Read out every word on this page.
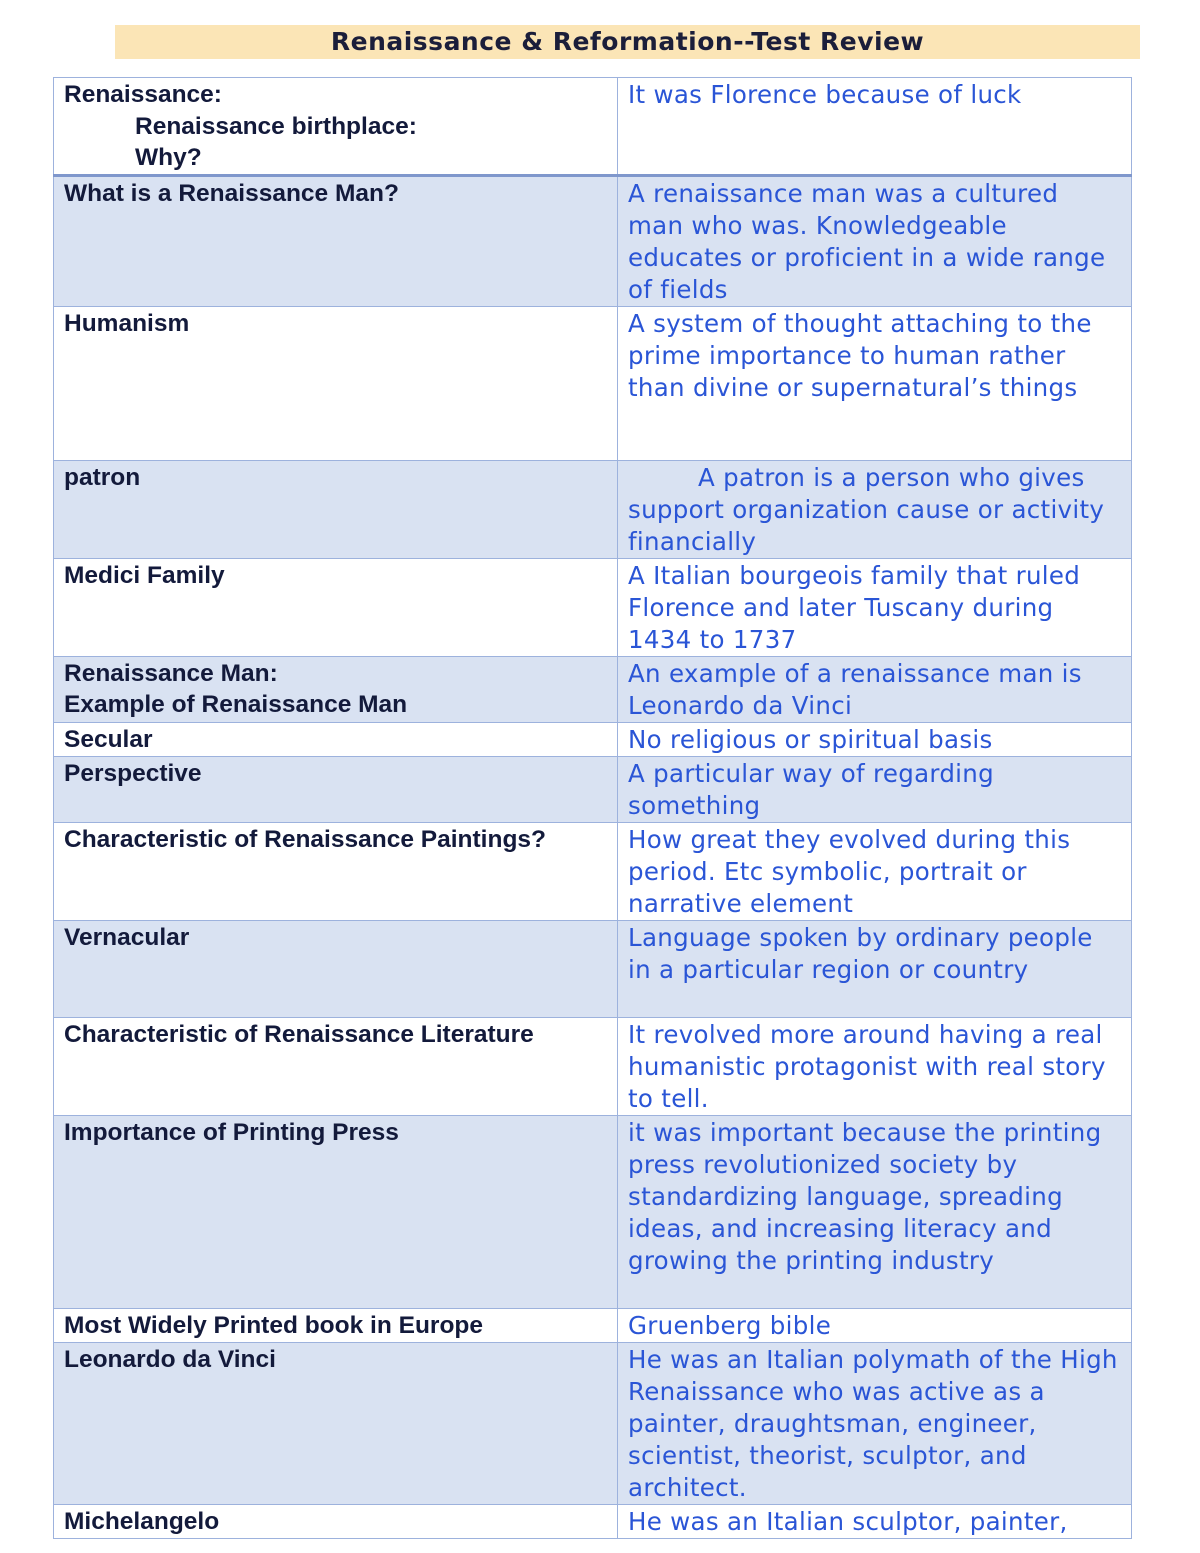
Renaissance & Reformation--Test Review
Renaissance:
Renaissance birthplace:
Why?	It was Florence because of luck
What is a Renaissance Man?	A renaissance man was a cultured man who was. Knowledgeable educates or proficient in a wide range of fields
Humanism	A system of thought attaching to the prime importance to human rather than divine or supernatural’s things
patron	A patron is a person who gives support organization cause or activity financially
Medici Family	A Italian bourgeois family that ruled Florence and later Tuscany during 1434 to 1737

Renaissance Man:
Example of Renaissance Man	An example of a renaissance man is Leonardo da Vinci
Secular	No religious or spiritual basis
Perspective	A particular way of regarding something
Characteristic of Renaissance Paintings?	How great they evolved during this period. Etc symbolic, portrait or narrative element
Vernacular	Language spoken by ordinary people in a particular region or country
Characteristic of Renaissance Literature	It revolved more around having a real humanistic protagonist with real story to tell.
Importance of Printing Press	it was important because the printing press revolutionized society by standardizing language, spreading ideas, and increasing literacy and growing the printing industry
Most Widely Printed book in Europe	Gruenberg bible
Leonardo da Vinci	He was an Italian polymath of the High Renaissance who was active as a painter, draughtsman, engineer, scientist, theorist, sculptor, and architect.
Michelangelo	He was an Italian sculptor, painter,
